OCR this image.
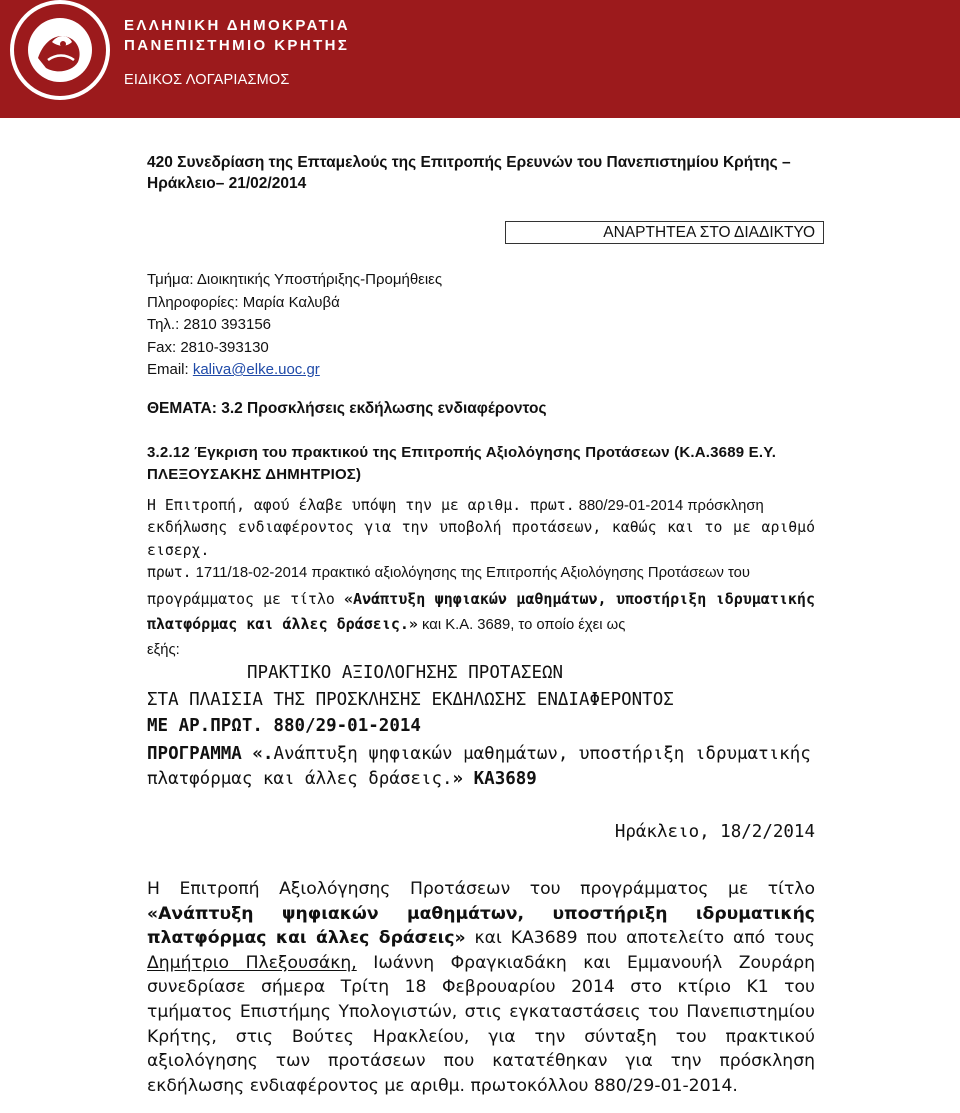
ΕΛΛΗΝΙΚΗ ΔΗΜΟΚΡΑΤΙΑ
ΠΑΝΕΠΙΣΤΗΜΙΟ ΚΡΗΤΗΣ
ΕΙΔΙΚΟΣ ΛΟΓΑΡΙΑΣΜΟΣ
420 Συνεδρίαση της Επταμελούς της Επιτροπής Ερευνών του Πανεπιστημίου Κρήτης –
Ηράκλειο– 21/02/2014
ΑΝΑΡΤΗΤΕΑ ΣΤΟ ΔΙΑΔΙΚΤΥΟ
Τμήμα: Διοικητικής Υποστήριξης-Προμήθειες
Πληροφορίες: Μαρία Καλυβά
Τηλ.: 2810 393156
Fax: 2810-393130
Email: kaliva@elke.uoc.gr
ΘΕΜΑΤΑ: 3.2 Προσκλήσεις εκδήλωσης ενδιαφέροντος
3.2.12 Έγκριση του πρακτικού της Επιτροπής Αξιολόγησης Προτάσεων (Κ.Α.3689 Ε.Υ.
ΠΛΕΞΟΥΣΑΚΗΣ ΔΗΜΗΤΡΙΟΣ)
Η Επιτροπή, αφού έλαβε υπόψη την με αριθμ. πρωτ. 880/29-01-2014 πρόσκληση
εκδήλωσης ενδιαφέροντος για την υποβολή προτάσεων, καθώς και το με αριθμό εισερχ.
πρωτ. 1711/18-02-2014 πρακτικό αξιολόγησης της Επιτροπής Αξιολόγησης Προτάσεων του

προγράμματος με τίτλο «Ανάπτυξη ψηφιακών μαθημάτων, υποστήριξη ιδρυματικής πλατφόρμας και άλλες δράσεις.» και Κ.Α. 3689, το οποίο έχει ως
εξής:
ΠΡΑΚΤΙΚΟ ΑΞΙΟΛΟΓΗΣΗΣ ΠΡΟΤΑΣΕΩΝ
ΣΤΑ ΠΛΑΙΣΙΑ ΤΗΣ ΠΡΟΣΚΛΗΣΗΣ ΕΚΔΗΛΩΣΗΣ ΕΝΔΙΑΦΕΡΟΝΤΟΣ
ΜΕ ΑΡ.ΠΡΩΤ. 880/29-01-2014
ΠΡΟΓΡΑΜΜΑ «.Ανάπτυξη ψηφιακών μαθημάτων, υποστήριξη ιδρυματικής
πλατφόρμας και άλλες δράσεις.» ΚΑ3689
Ηράκλειο, 18/2/2014
Η Επιτροπή Αξιολόγησης Προτάσεων του προγράμματος με τίτλο «Ανάπτυξη ψηφιακών μαθημάτων, υποστήριξη ιδρυματικής πλατφόρμας και άλλες δράσεις» και ΚΑ3689 που αποτελείτο από τους Δημήτριο Πλεξουσάκη, Ιωάννη Φραγκιαδάκη και Εμμανουήλ Ζουράρη συνεδρίασε σήμερα Τρίτη 18 Φεβρουαρίου 2014 στο κτίριο Κ1 του τμήματος Επιστήμης Υπολογιστών, στις εγκαταστάσεις του Πανεπιστημίου Κρήτης, στις Βούτες Ηρακλείου, για την σύνταξη του πρακτικού αξιολόγησης των προτάσεων που κατατέθηκαν για την πρόσκληση εκδήλωσης ενδιαφέροντος με αριθμ. πρωτοκόλλου 880/29-01-2014.
